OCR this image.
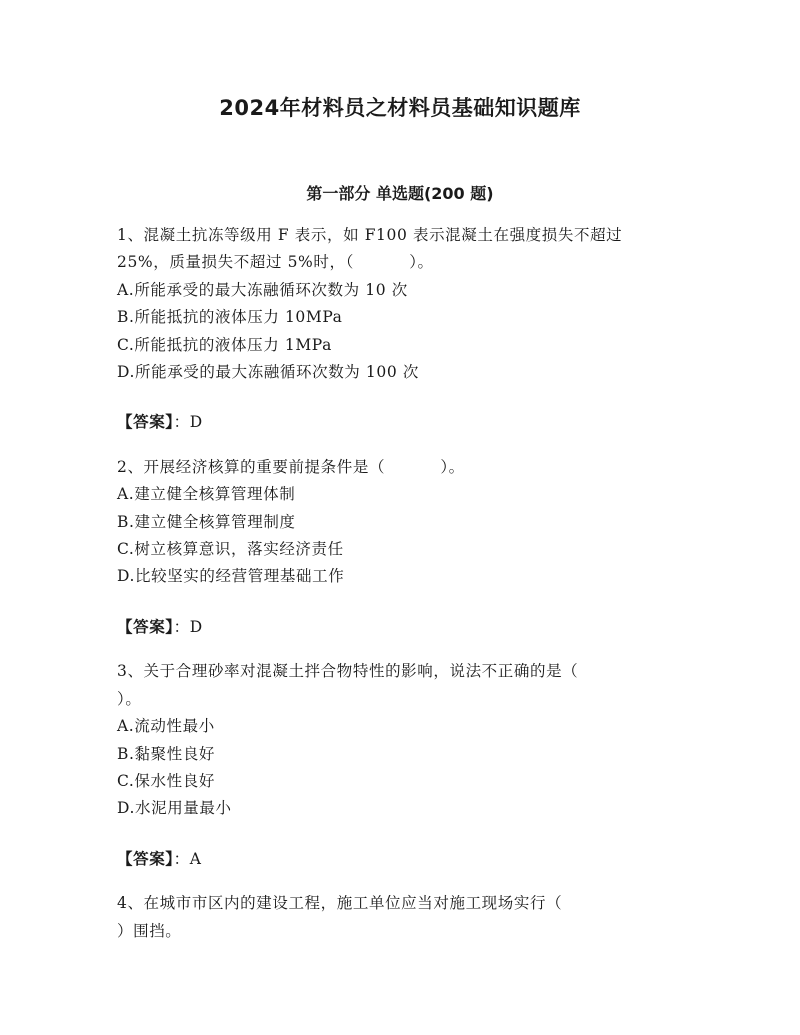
2024年材料员之材料员基础知识题库
第一部分 单选题(200 题)
1、混凝土抗冻等级用 F 表示，如 F100 表示混凝土在强度损失不超过
25%，质量损失不超过 5%时，（          ）。
A.所能承受的最大冻融循环次数为 10 次
B.所能抵抗的液体压力 10MPa
C.所能抵抗的液体压力 1MPa
D.所能承受的最大冻融循环次数为 100 次
【答案】：D
2、开展经济核算的重要前提条件是（          ）。
A.建立健全核算管理体制
B.建立健全核算管理制度
C.树立核算意识，落实经济责任
D.比较坚实的经营管理基础工作
【答案】：D
3、关于合理砂率对混凝土拌合物特性的影响，说法不正确的是（
）。
A.流动性最小
B.黏聚性良好
C.保水性良好
D.水泥用量最小
【答案】：A
4、在城市市区内的建设工程，施工单位应当对施工现场实行（
）围挡。
